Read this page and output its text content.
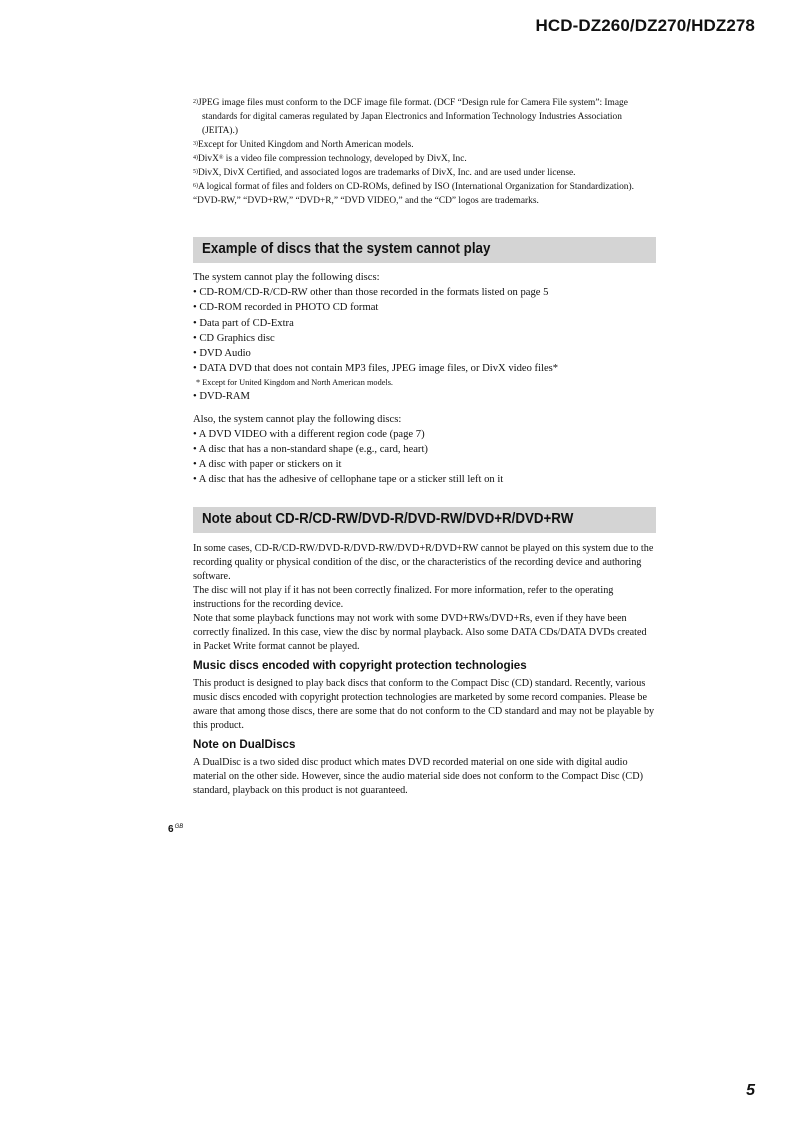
HCD-DZ260/DZ270/HDZ278

$^{2)}$JPEG image files must conform to the DCF image file format. (DCF “Design rule for Camera File system”: Image standards for digital cameras regulated by Japan Electronics and Information Technology Industries Association (JEITA).)

$^{3)}$Except for United Kingdom and North American models.

$^{4)}$DivX® is a video file compression technology, developed by DivX, Inc.

$^{5)}$DivX, DivX Certified, and associated logos are trademarks of DivX, Inc. and are used under license.

$^{6)}$A logical format of files and folders on CD-ROMs, defined by ISO (International Organization for Standardization).

“DVD-RW,” “DVD+RW,” “DVD+R,” “DVD VIDEO,” and the “CD” logos are trademarks.

Example of discs that the system cannot play

The system cannot play the following discs:

• CD-ROM/CD-R/CD-RW other than those recorded in the formats listed on page 5

• CD-ROM recorded in PHOTO CD format

• Data part of CD-Extra

• CD Graphics disc

• DVD Audio

• DATA DVD that does not contain MP3 files, JPEG image files, or DivX video files*

* Except for United Kingdom and North American models.

• DVD-RAM

Also, the system cannot play the following discs:

• A DVD VIDEO with a different region code (page 7)

• A disc that has a non-standard shape (e.g., card, heart)

• A disc with paper or stickers on it

• A disc that has the adhesive of cellophane tape or a sticker still left on it

Note about CD-R/CD-RW/DVD-R/DVD-RW/DVD+R/DVD+RW

In some cases, CD-R/CD-RW/DVD-R/DVD-RW/DVD+R/DVD+RW cannot be played on this system due to the recording quality or physical condition of the disc, or the characteristics of the recording device and authoring software.

The disc will not play if it has not been correctly finalized. For more information, refer to the operating instructions for the recording device.

Note that some playback functions may not work with some DVD+RWs/DVD+Rs, even if they have been correctly finalized. In this case, view the disc by normal playback. Also some DATA CDs/DATA DVDs created in Packet Write format cannot be played.

Music discs encoded with copyright protection technologies

This product is designed to play back discs that conform to the Compact Disc (CD) standard. Recently, various music discs encoded with copyright protection technologies are marketed by some record companies. Please be aware that among those discs, there are some that do not conform to the CD standard and may not be playable by this product.

Note on DualDiscs

A DualDisc is a two sided disc product which mates DVD recorded material on one side with digital audio material on the other side. However, since the audio material side does not conform to the Compact Disc (CD) standard, playback on this product is not guaranteed.

$6^{GB}$
5
